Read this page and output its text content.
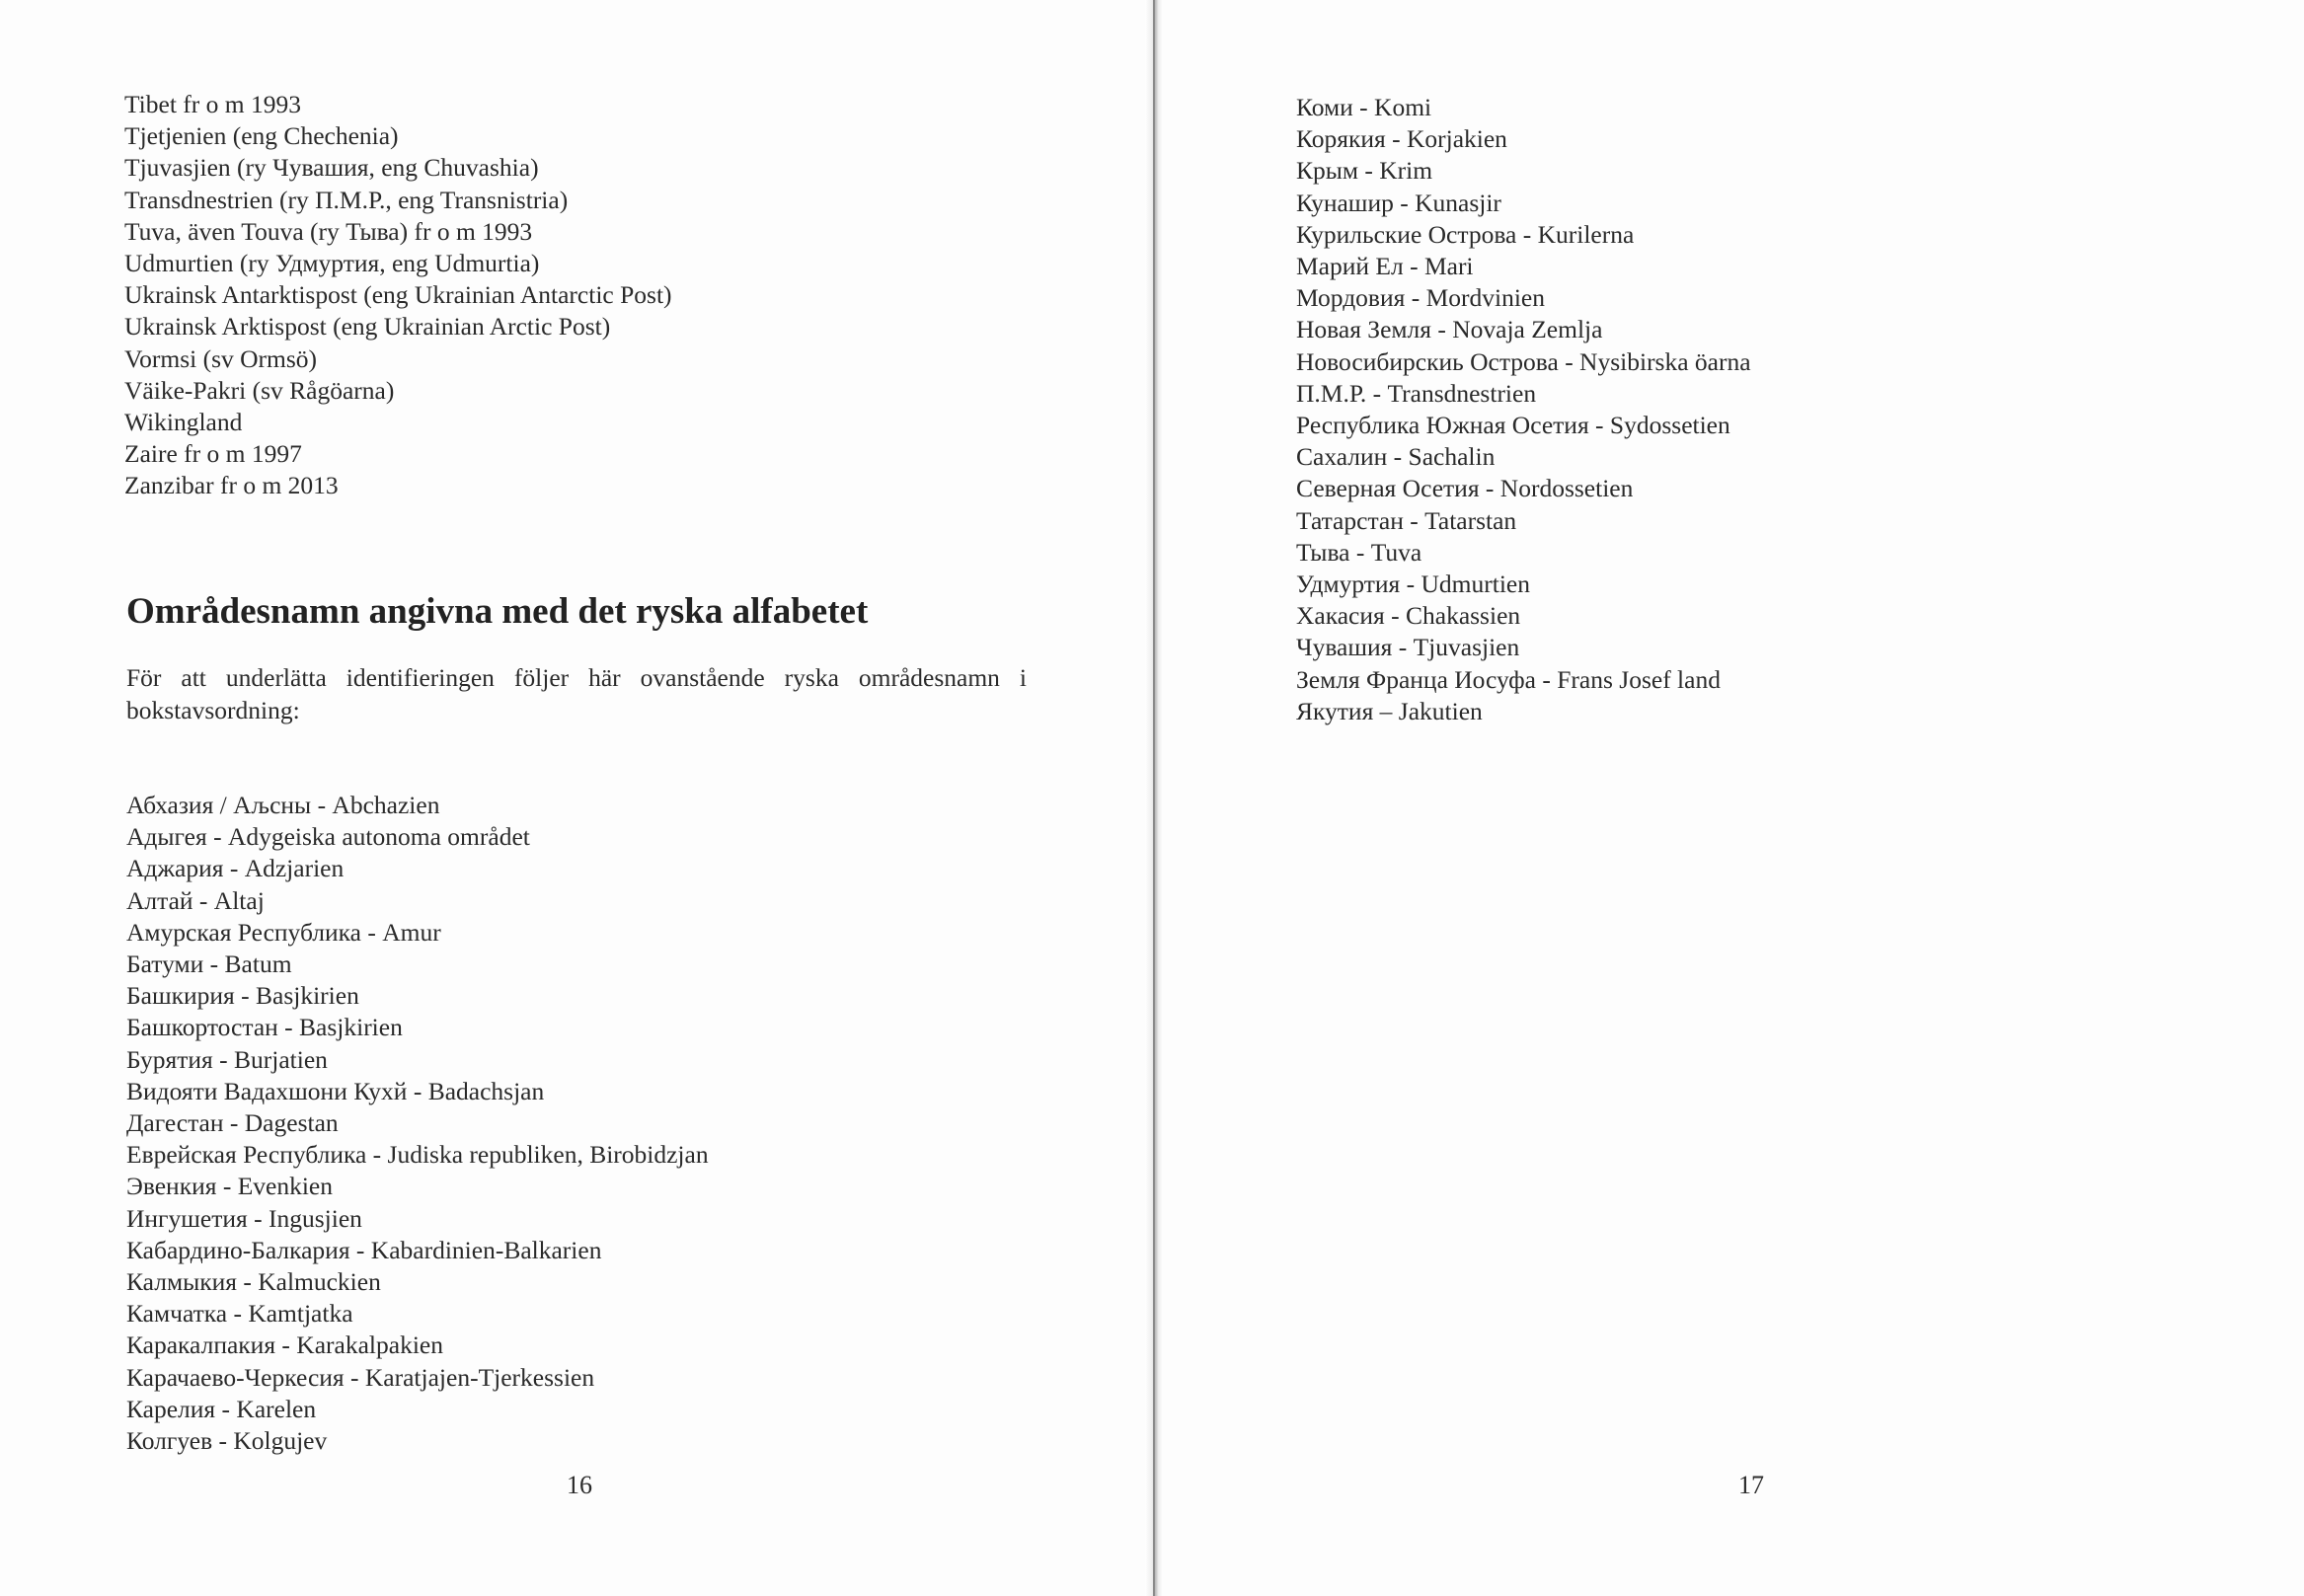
Tibet fr o m 1993
Tjetjenien (eng Chechenia)
Tjuvasjien (ry Чувашия, eng Chuvashia)
Transdnestrien (ry П.М.Р., eng Transnistria)
Tuva, även Touva (ry Тыва) fr o m 1993
Udmurtien (ry Удмуртия, eng Udmurtia)
Ukrainsk Antarktispost (eng Ukrainian Antarctic Post)
Ukrainsk Arktispost (eng Ukrainian Arctic Post)
Vormsi (sv Ormsö)
Väike-Pakri (sv Rågöarna)
Wikingland
Zaire fr o m 1997
Zanzibar fr o m 2013
Områdesnamn angivna med det ryska alfabetet

För att underlätta identifieringen följer här ovanstående ryska områdesnamn i bokstavsordning:

Абхазия / Аљсны - Abchazien
Адыгея - Adygeiska autonoma området
Аджария - Adzjarien
Алтай - Altaj
Амурская Республика - Amur
Батуми - Batum
Башкирия - Basjkirien
Башкортостан - Basjkirien
Бурятия - Burjatien
Видояти Вадахшони Кухй - Badachsjan
Дагестан - Dagestan
Еврейская Республика - Judiska republiken, Birobidzjan
Эвенкия - Evenkien
Ингушетия - Ingusjien
Кабардино-Балкария - Kabardinien-Balkarien
Калмыкия - Kalmuckien
Камчатка - Kamtjatka
Каракалпакия - Karakalpakien
Карачаево-Черкесия - Karatjajen-Tjerkessien
Карелия - Karelen
Колгуев - Kolgujev
16
Коми - Komi
Корякия - Korjakien
Крым - Krim
Кунашир - Kunasjir
Курильские Острова - Kurilerna
Марий Ел - Mari
Мордовия - Mordvinien
Новая Земля - Novaja Zemlja
Новосибирскиь Острова - Nysibirska öarna
П.М.Р. - Transdnestrien
Республика Южная Осетия - Sydossetien
Сахалин - Sachalin
Северная Осетия - Nordossetien
Татарстан - Tatarstan
Тыва - Tuva
Удмуртия - Udmurtien
Хакасия - Chakassien
Чувашия - Tjuvasjien
Земля Франца Иосуфа - Frans Josef land
Якутия – Jakutien
17
